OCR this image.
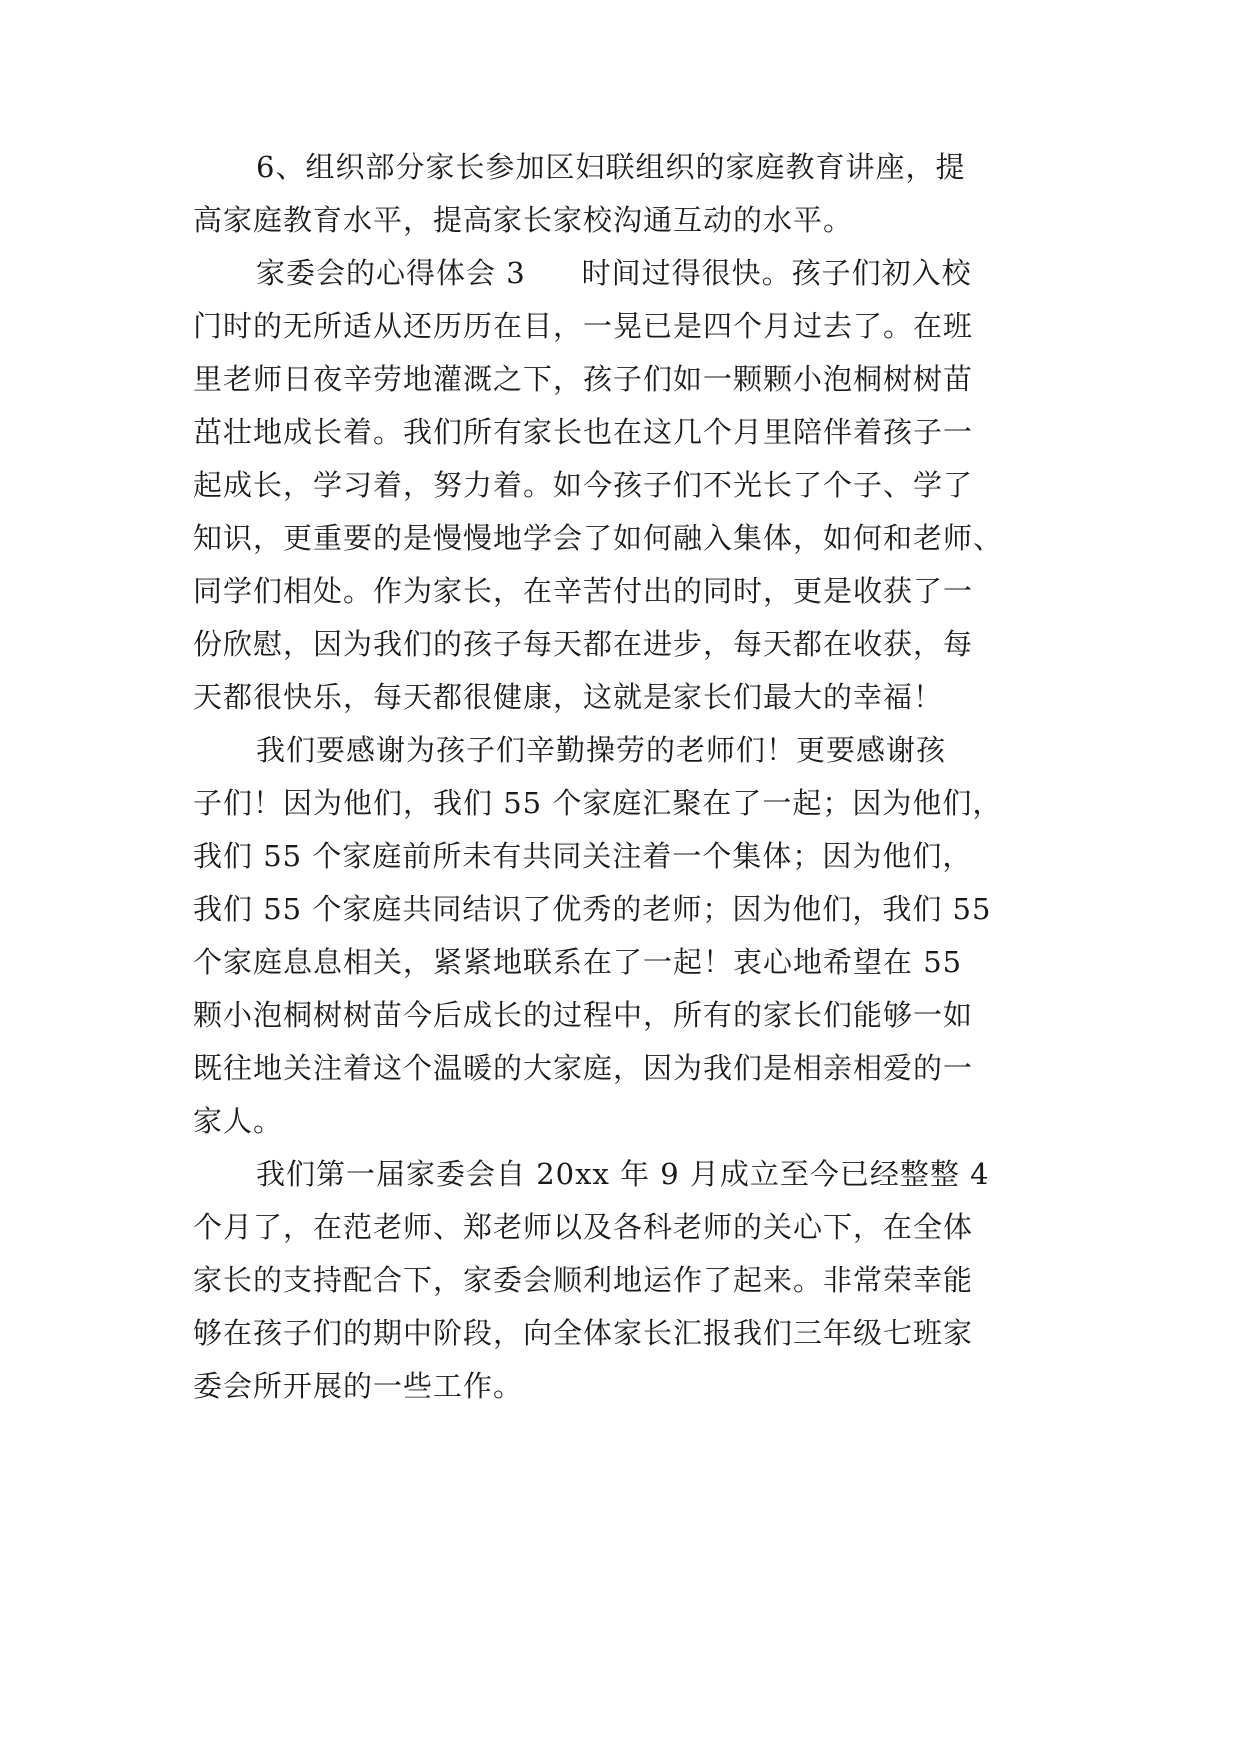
6、组织部分家长参加区妇联组织的家庭教育讲座，提
高家庭教育水平，提高家长家校沟通互动的水平。
家委会的心得体会 3 时间过得很快。孩子们初入校
门时的无所适从还历历在目，一晃已是四个月过去了。在班
里老师日夜辛劳地灌溉之下，孩子们如一颗颗小泡桐树树苗
茁壮地成长着。我们所有家长也在这几个月里陪伴着孩子一
起成长，学习着，努力着。如今孩子们不光长了个子、学了
知识，更重要的是慢慢地学会了如何融入集体，如何和老师、
同学们相处。作为家长，在辛苦付出的同时，更是收获了一
份欣慰，因为我们的孩子每天都在进步，每天都在收获，每
天都很快乐，每天都很健康，这就是家长们最大的幸福！
我们要感谢为孩子们辛勤操劳的老师们！更要感谢孩
子们！因为他们，我们 55 个家庭汇聚在了一起；因为他们，
我们 55 个家庭前所未有共同关注着一个集体；因为他们，
我们 55 个家庭共同结识了优秀的老师；因为他们，我们 55
个家庭息息相关，紧紧地联系在了一起！衷心地希望在 55
颗小泡桐树树苗今后成长的过程中，所有的家长们能够一如
既往地关注着这个温暖的大家庭，因为我们是相亲相爱的一
家人。
我们第一届家委会自 20xx 年 9 月成立至今已经整整 4
个月了，在范老师、郑老师以及各科老师的关心下，在全体
家长的支持配合下，家委会顺利地运作了起来。非常荣幸能
够在孩子们的期中阶段，向全体家长汇报我们三年级七班家
委会所开展的一些工作。
